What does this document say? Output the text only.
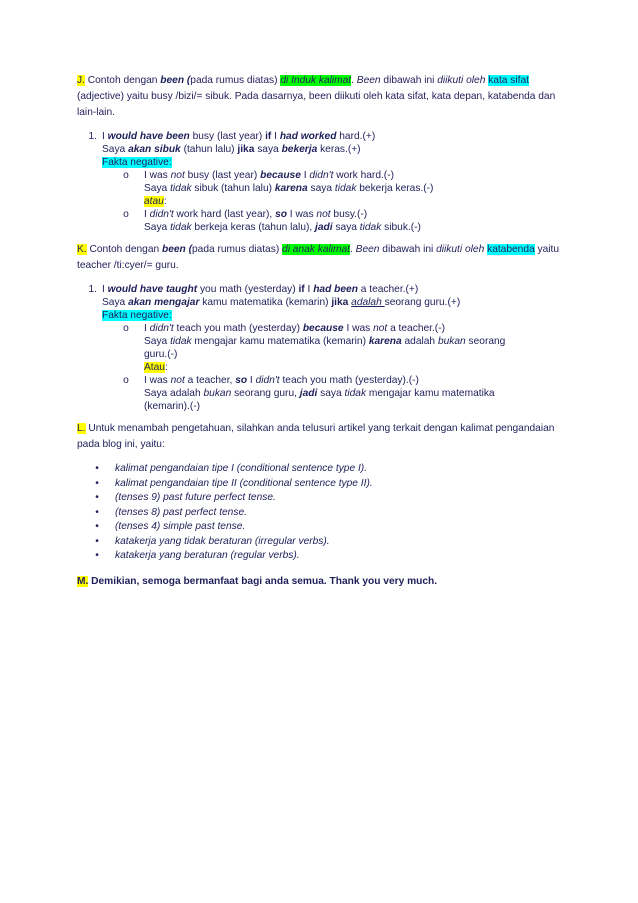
J. Contoh dengan been (pada rumus diatas) di Induk kalimat. Been dibawah ini diikuti oleh kata sifat (adjective) yaitu busy /bizi/= sibuk. Pada dasarnya, been diikuti oleh kata sifat, kata depan, katabenda dan lain-lain.

1. I would have been busy (last year) if I had worked hard.(+)
Saya akan sibuk (tahun lalu) jika saya bekerja keras.(+)
Fakta negative:
o	I was not busy (last year) because I didn't work hard.(-)
Saya tidak sibuk (tahun lalu) karena saya tidak bekerja keras.(-)
atau:
o	I didn't work hard (last year), so I was not busy.(-)
Saya tidak berkeja keras (tahun lalu), jadi saya tidak sibuk.(-)

K. Contoh dengan been (pada rumus diatas) di anak kalimat. Been dibawah ini diikuti oleh katabenda yaitu teacher /ti:cyer/= guru.

1. I would have taught you math (yesterday) if I had been a teacher.(+)
Saya akan mengajar kamu matematika (kemarin) jika adalah seorang guru.(+)
Fakta negative:
o	I didn't teach you math (yesterday) because I was not a teacher.(-)
Saya tidak mengajar kamu matematika (kemarin) karena adalah bukan seorang
guru.(-)
Atau:
o	I was not a teacher, so I didn't teach you math (yesterday).(-)
Saya adalah bukan seorang guru, jadi saya tidak mengajar kamu matematika
(kemarin).(-)

L. Untuk menambah pengetahuan, silahkan anda telusuri artikel yang terkait dengan kalimat pengandaian pada blog ini, yaitu:

•	kalimat pengandaian tipe I (conditional sentence type I).
•	kalimat pengandaian tipe II (conditional sentence type II).
•	(tenses 9) past future perfect tense.
•	(tenses 8) past perfect tense.
•	(tenses 4) simple past tense.
•	katakerja yang tidak beraturan (irregular verbs).
•	katakerja yang beraturan (regular verbs).

M. Demikian, semoga bermanfaat bagi anda semua. Thank you very much.
